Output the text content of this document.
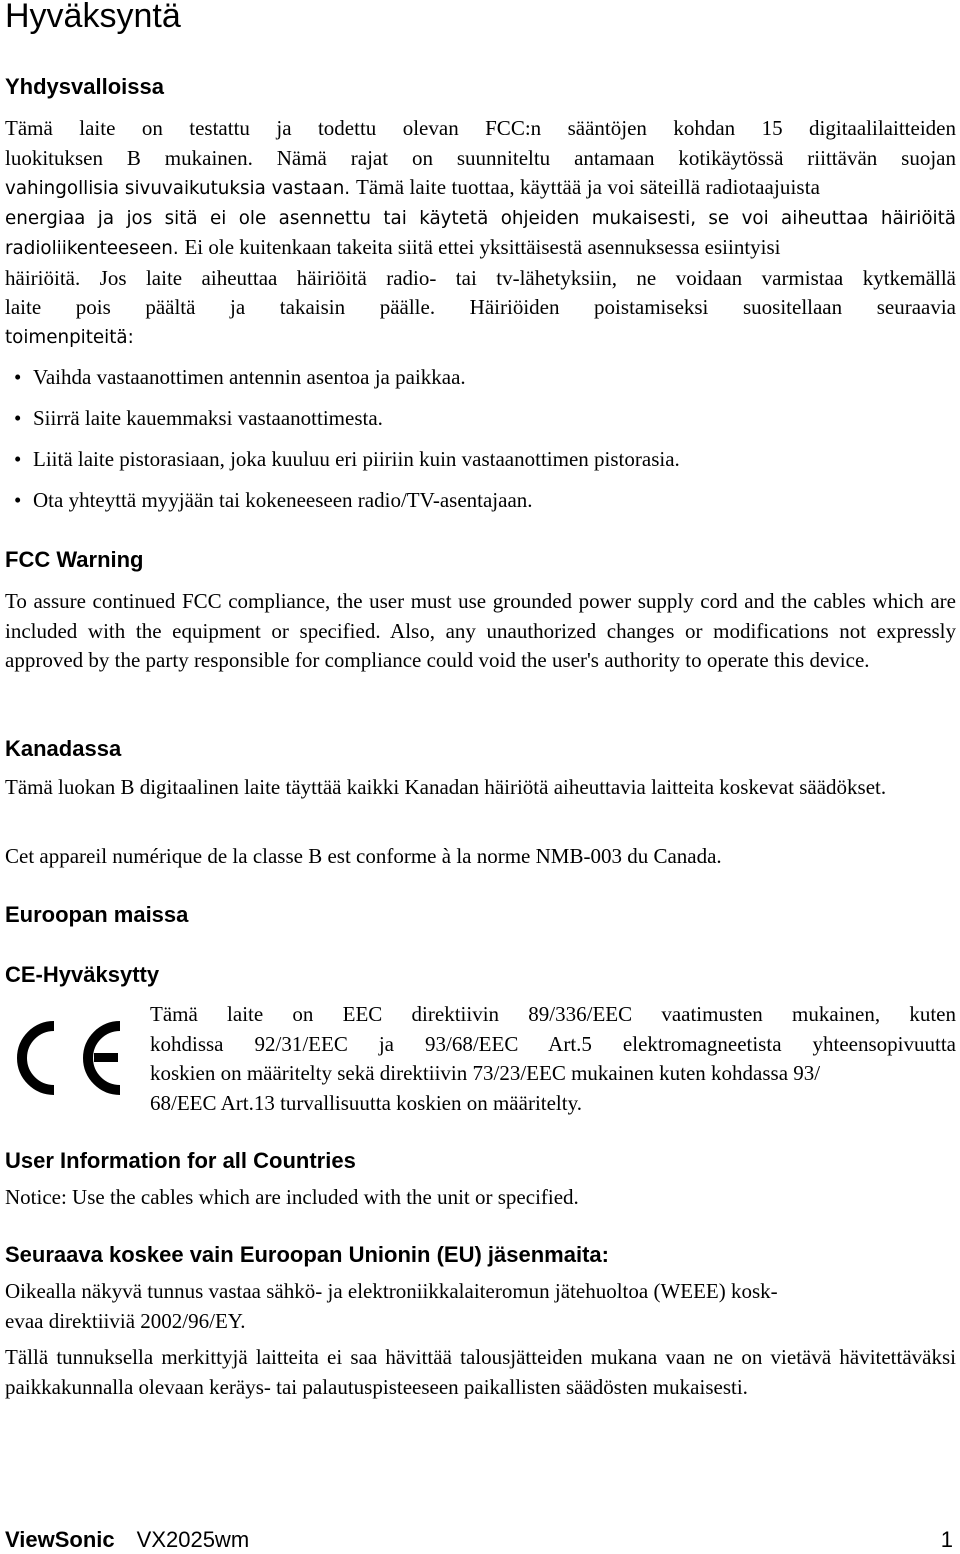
Hyväksyntä
Yhdysvalloissa
Tämä laite on testattu ja todettu olevan FCC:n sääntöjen kohdan 15 digitaalilaitteiden
luokituksen B mukainen. Nämä rajat on suunniteltu antamaan kotikäytössä riittävän suojan
vahingollisia sivuvaikutuksia vastaan. Tämä laite tuottaa, käyttää ja voi säteillä radiotaajuista
energiaa ja jos sitä ei ole asennettu tai käytetä ohjeiden mukaisesti, se voi aiheuttaa häiriöitä
radioliikenteeseen. Ei ole kuitenkaan takeita siitä ettei yksittäisestä asennuksessa esiintyisi
häiriöitä. Jos laite aiheuttaa häiriöitä radio- tai tv-lähetyksiin, ne voidaan varmistaa kytkemällä
laite pois päältä ja takaisin päälle. Häiriöiden poistamiseksi suositellaan seuraavia
toimenpiteitä:
• Vaihda vastaanottimen antennin asentoa ja paikkaa.
• Siirrä laite kauemmaksi vastaanottimesta.
• Liitä laite pistorasiaan, joka kuuluu eri piiriin kuin vastaanottimen pistorasia.
• Ota yhteyttä myyjään tai kokeneeseen radio/TV-asentajaan.
FCC Warning

To assure continued FCC compliance, the user must use grounded power supply cord and the cables which are included with the equipment or specified. Also, any unauthorized changes or modifications not expressly approved by the party responsible for compliance could void the user's authority to operate this device.

Kanadassa

Tämä luokan B digitaalinen laite täyttää kaikki Kanadan häiriötä aiheuttavia laitteita koskevat säädökset.

Cet appareil numérique de la classe B est conforme à la norme NMB-003 du Canada.

Euroopan maissa
CE-Hyväksytty
Tämä laite on EEC direktiivin 89/336/EEC vaatimusten mukainen, kuten
kohdissa 92/31/EEC ja 93/68/EEC Art.5 elektromagneetista yhteensopivuutta
koskien on määritelty sekä direktiivin 73/23/EEC mukainen kuten kohdassa 93/
68/EEC Art.13 turvallisuutta koskien on määritelty.
User Information for all Countries

Notice: Use the cables which are included with the unit or specified.

Seuraava koskee vain Euroopan Unionin (EU) jäsenmaita:
Oikealla näkyvä tunnus vastaa sähkö- ja elektroniikkalaiteromun jätehuoltoa (WEEE) kosk-
evaa direktiiviä 2002/96/EY.

Tällä tunnuksella merkittyjä laitteita ei saa hävittää talousjätteiden mukana vaan ne on vietävä hävitettäväksi paikkakunnalla olevaan keräys- tai palautuspisteeseen paikallisten säädösten mukaisesti.

ViewSonic VX2025wm	1
